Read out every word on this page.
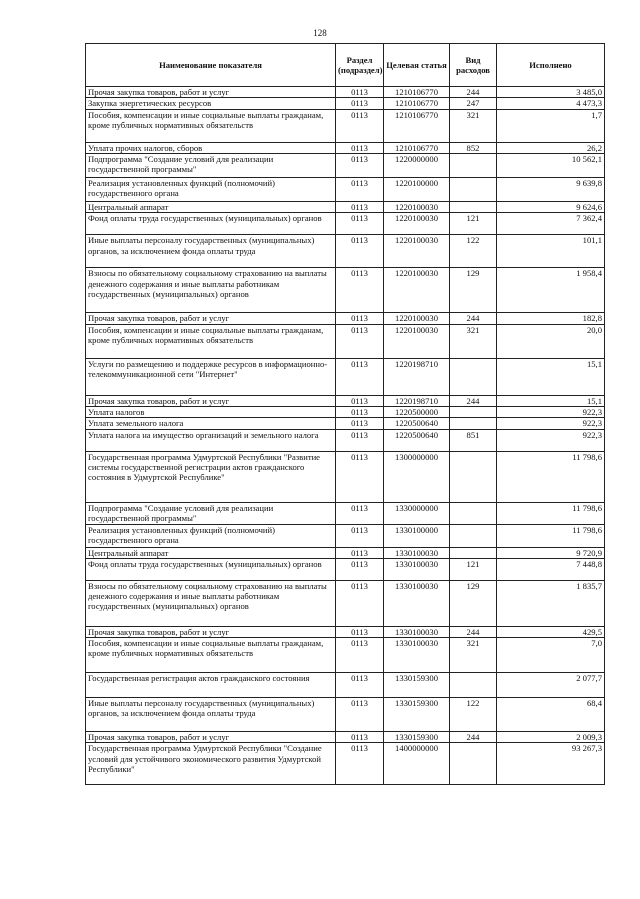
128
Наименование показателя	Раздел (подраздел)	Целевая статья	Вид расходов	Исполнено
Прочая закупка товаров, работ и услуг	0113	1210106770	244	3 485,0
Закупка энергетических ресурсов	0113	1210106770	247	4 473,3
Пособия, компенсации и иные социальные выплаты гражданам, кроме публичных нормативных обязательств	0113	1210106770	321	1,7
Уплата прочих налогов, сборов	0113	1210106770	852	26,2
Подпрограмма "Создание условий для реализации государственной программы"	0113	1220000000		10 562,1
Реализация установленных функций (полномочий) государственного органа	0113	1220100000		9 639,8
Центральный аппарат	0113	1220100030		9 624,6
Фонд оплаты труда государственных (муниципальных) органов	0113	1220100030	121	7 362,4
Иные выплаты персоналу государственных (муниципальных) органов, за исключением фонда оплаты труда	0113	1220100030	122	101,1
Взносы по обязательному социальному страхованию на выплаты денежного содержания и иные выплаты работникам государственных (муниципальных) органов	0113	1220100030	129	1 958,4
Прочая закупка товаров, работ и услуг	0113	1220100030	244	182,8
Пособия, компенсации и иные социальные выплаты гражданам, кроме публичных нормативных обязательств	0113	1220100030	321	20,0
Услуги по размещению и поддержке ресурсов в информационно-телекоммуникационной сети "Интернет"	0113	1220198710		15,1
Прочая закупка товаров, работ и услуг	0113	1220198710	244	15,1
Уплата налогов	0113	1220500000		922,3
Уплата земельного налога	0113	1220500640		922,3
Уплата налога на имущество организаций и земельного налога	0113	1220500640	851	922,3
Государственная программа Удмуртской Республики "Развитие системы государственной регистрации актов гражданского состояния в Удмуртской Республике"	0113	1300000000		11 798,6
Подпрограмма "Создание условий для реализации государственной программы"	0113	1330000000		11 798,6
Реализация установленных функций (полномочий) государственного органа	0113	1330100000		11 798,6
Центральный аппарат	0113	1330100030		9 720,9
Фонд оплаты труда государственных (муниципальных) органов	0113	1330100030	121	7 448,8
Взносы по обязательному социальному страхованию на выплаты денежного содержания и иные выплаты работникам государственных (муниципальных) органов	0113	1330100030	129	1 835,7
Прочая закупка товаров, работ и услуг	0113	1330100030	244	429,5
Пособия, компенсации и иные социальные выплаты гражданам, кроме публичных нормативных обязательств	0113	1330100030	321	7,0
Государственная регистрация актов гражданского состояния	0113	1330159300		2 077,7
Иные выплаты персоналу государственных (муниципальных) органов, за исключением фонда оплаты труда	0113	1330159300	122	68,4
Прочая закупка товаров, работ и услуг	0113	1330159300	244	2 009,3
Государственная программа Удмуртской Республики "Создание условий для устойчивого экономического развития Удмуртской Республики"	0113	1400000000		93 267,3
